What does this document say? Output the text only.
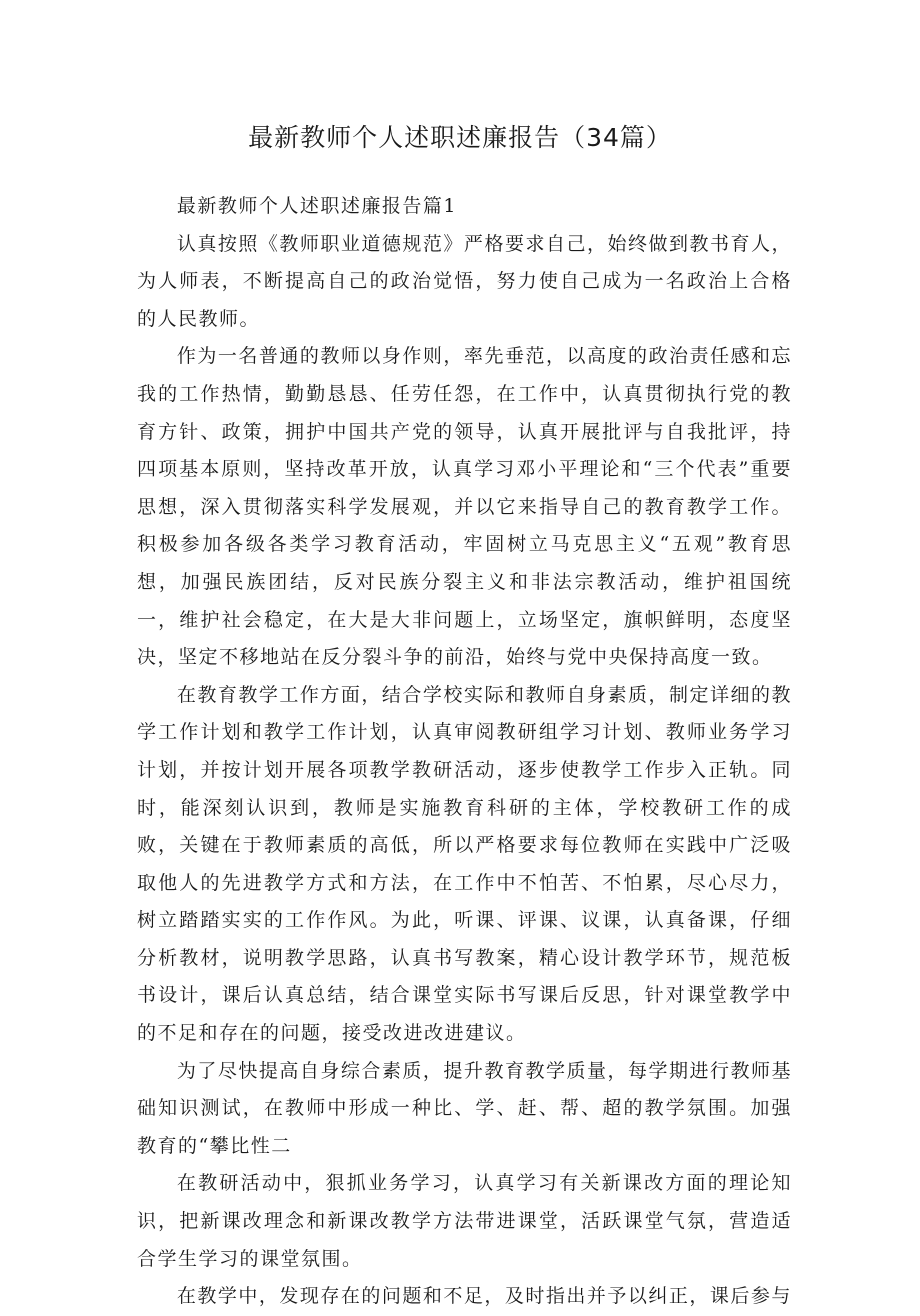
最新教师个人述职述廉报告（34篇）

最新教师个人述职述廉报告篇1

认真按照《教师职业道德规范》严格要求自己，始终做到教书育人，为人师表，不断提高自己的政治觉悟，努力使自己成为一名政治上合格的人民教师。

作为一名普通的教师以身作则，率先垂范，以高度的政治责任感和忘我的工作热情，勤勤恳恳、任劳任怨，在工作中，认真贯彻执行党的教育方针、政策，拥护中国共产党的领导，认真开展批评与自我批评，持四项基本原则，坚持改革开放，认真学习邓小平理论和“三个代表”重要思想，深入贯彻落实科学发展观，并以它来指导自己的教育教学工作。积极参加各级各类学习教育活动，牢固树立马克思主义“五观”教育思想，加强民族团结，反对民族分裂主义和非法宗教活动，维护祖国统一，维护社会稳定，在大是大非问题上，立场坚定，旗帜鲜明，态度坚决，坚定不移地站在反分裂斗争的前沿，始终与党中央保持高度一致。

在教育教学工作方面，结合学校实际和教师自身素质，制定详细的教学工作计划和教学工作计划，认真审阅教研组学习计划、教师业务学习计划，并按计划开展各项教学教研活动，逐步使教学工作步入正轨。同时，能深刻认识到，教师是实施教育科研的主体，学校教研工作的成败，关键在于教师素质的高低，所以严格要求每位教师在实践中广泛吸取他人的先进教学方式和方法，在工作中不怕苦、不怕累，尽心尽力，树立踏踏实实的工作作风。为此，听课、评课、议课，认真备课，仔细分析教材，说明教学思路，认真书写教案，精心设计教学环节，规范板书设计，课后认真总结，结合课堂实际书写课后反思，针对课堂教学中的不足和存在的问题，接受改进改进建议。

为了尽快提高自身综合素质，提升教育教学质量，每学期进行教师基础知识测试，在教师中形成一种比、学、赶、帮、超的教学氛围。加强教育的“攀比性二

在教研活动中，狠抓业务学习，认真学习有关新课改方面的理论知识，把新课改理念和新课改教学方法带进课堂，活跃课堂气氛，营造适合学生学习的课堂氛围。

在教学中，发现存在的问题和不足，及时指出并予以纠正，课后参与
